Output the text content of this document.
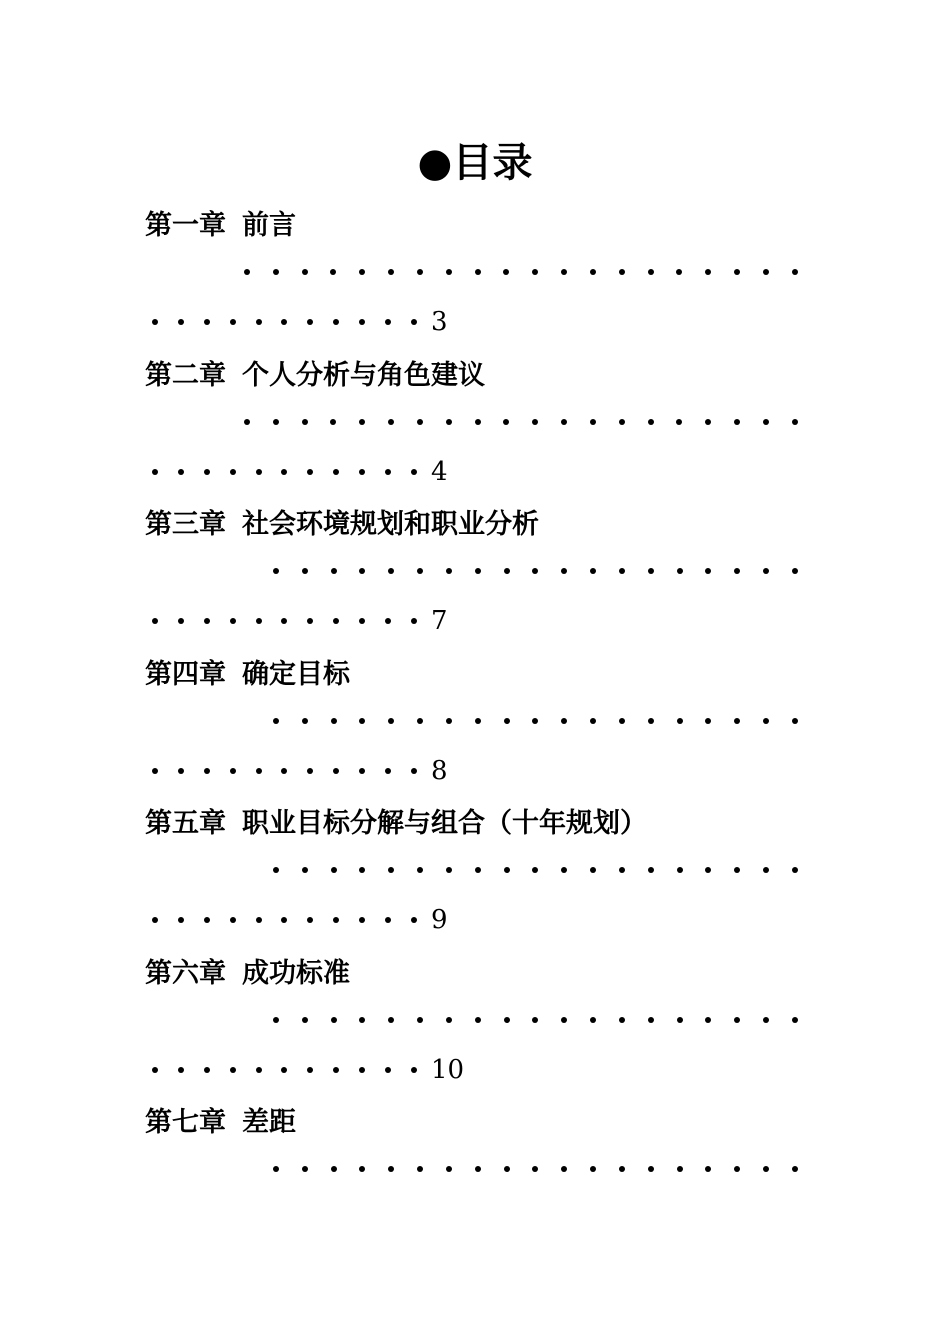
●目录
第一章 前言
3
第二章 个人分析与角色建议
4
第三章 社会环境规划和职业分析
7
第四章 确定目标
8
第五章 职业目标分解与组合（十年规划）
9
第六章 成功标准
10
第七章 差距
